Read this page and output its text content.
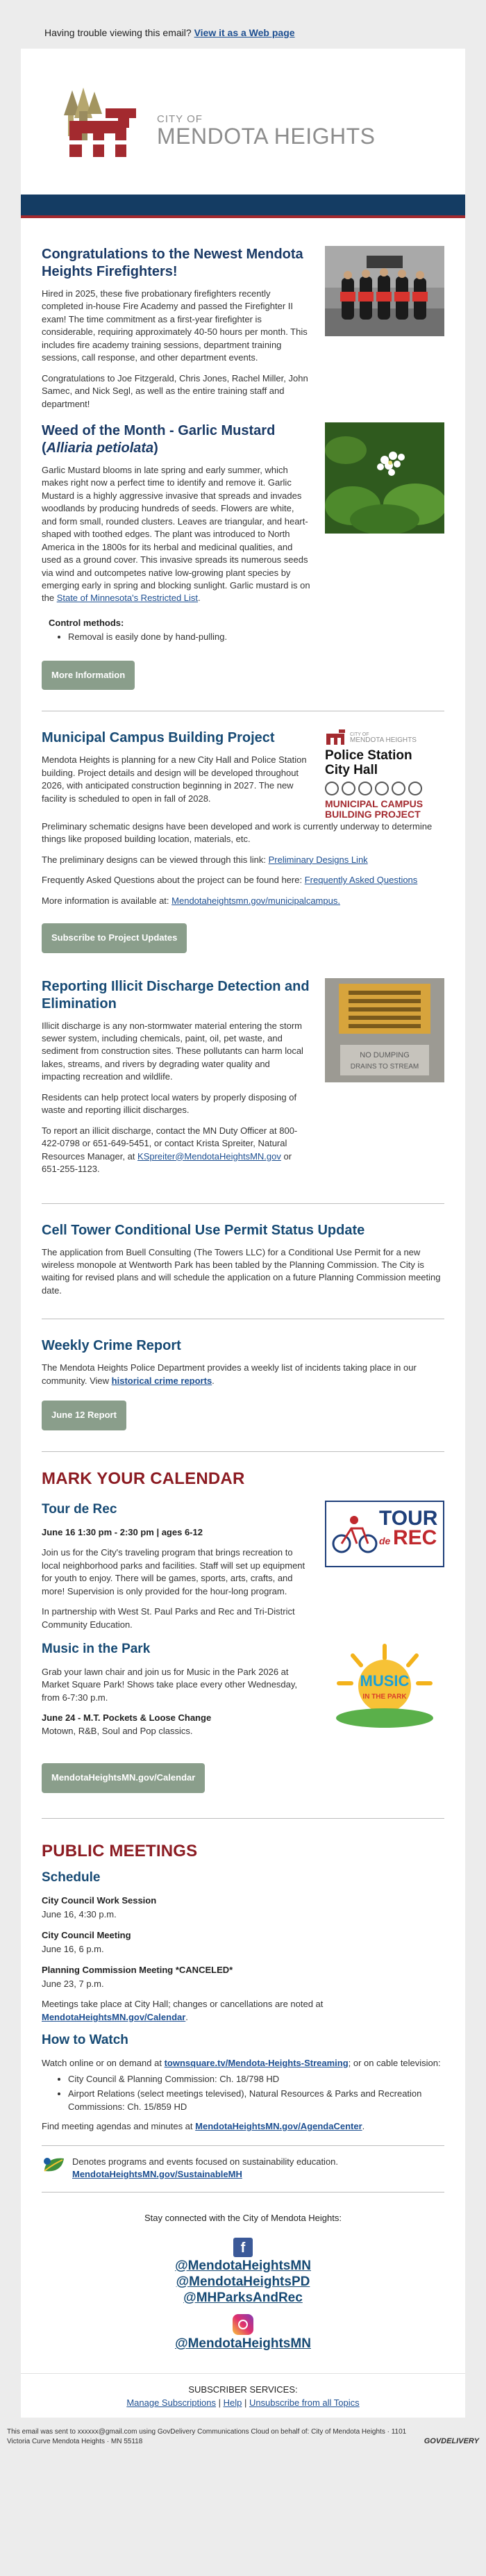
Having trouble viewing this email? View it as a Web page
CITY OF
MENDOTA HEIGHTS
Congratulations to the Newest Mendota Heights Firefighters!

Hired in 2025, these five probationary firefighters recently completed in-house Fire Academy and passed the Firefighter II exam! The time commitment as a first-year firefighter is considerable, requiring approximately 40-50 hours per month. This includes fire academy training sessions, department training sessions, call response, and other department events.

Congratulations to Joe Fitzgerald, Chris Jones, Rachel Miller, John Samec, and Nick Segl, as well as the entire training staff and department!

Weed of the Month - Garlic Mustard (Alliaria petiolata)

Garlic Mustard blooms in late spring and early summer, which makes right now a perfect time to identify and remove it. Garlic Mustard is a highly aggressive invasive that spreads and invades woodlands by producing hundreds of seeds. Flowers are white, and form small, rounded clusters. Leaves are triangular, and heart-shaped with toothed edges. The plant was introduced to North America in the 1800s for its herbal and medicinal qualities, and used as a ground cover. This invasive spreads its numerous seeds via wind and outcompetes native low-growing plant species by emerging early in spring and blocking sunlight. Garlic mustard is on the State of Minnesota's Restricted List.

Control methods:

• Removal is easily done by hand-pulling.
More Information
Municipal Campus Building Project

Mendota Heights is planning for a new City Hall and Police Station building. Project details and design will be developed throughout 2026, with anticipated construction beginning in 2027. The new facility is scheduled to open in fall of 2028.

CITY OF
MENDOTA HEIGHTS
Police Station
City Hall
MUNICIPAL CAMPUS
BUILDING PROJECT

Preliminary schematic designs have been developed and work is currently underway to determine things like proposed building location, materials, etc.

The preliminary designs can be viewed through this link: Preliminary Designs Link

Frequently Asked Questions about the project can be found here: Frequently Asked Questions

More information is available at: Mendotaheightsmn.gov/municipalcampus.

Subscribe to Project Updates
Reporting Illicit Discharge Detection and Elimination

Illicit discharge is any non-stormwater material entering the storm sewer system, including chemicals, paint, oil, pet waste, and sediment from construction sites. These pollutants can harm local lakes, streams, and rivers by degrading water quality and impacting recreation and wildlife.

Residents can help protect local waters by properly disposing of waste and reporting illicit discharges.

NO DUMPING
DRAINS TO STREAM

To report an illicit discharge, contact the MN Duty Officer at 800-422-0798 or 651-649-5451, or contact Krista Spreiter, Natural Resources Manager, at KSpreiter@MendotaHeightsMN.gov or 651-255-1123.

Cell Tower Conditional Use Permit Status Update

The application from Buell Consulting (The Towers LLC) for a Conditional Use Permit for a new wireless monopole at Wentworth Park has been tabled by the Planning Commission. The City is waiting for revised plans and will schedule the application on a future Planning Commission meeting date.

Weekly Crime Report

The Mendota Heights Police Department provides a weekly list of incidents taking place in our community. View historical crime reports.

June 12 Report
MARK YOUR CALENDAR
Tour de Rec

June 16 1:30 pm - 2:30 pm | ages 6-12

Join us for the City's traveling program that brings recreation to local neighborhood parks and facilities. Staff will set up equipment for youth to enjoy. There will be games, sports, arts, crafts, and more! Supervision is only provided for the hour-long program.

In partnership with West St. Paul Parks and Rec and Tri-District Community Education.

TOUR
de REC
Music in the Park

Grab your lawn chair and join us for Music in the Park 2026 at Market Square Park! Shows take place every other Wednesday, from 6-7:30 p.m.

June 24 - M.T. Pockets & Loose Change

Motown, R&B, Soul and Pop classics.

MUSIC
IN THE PARK
MendotaHeightsMN.gov/Calendar
PUBLIC MEETINGS
Schedule

City Council Work Session

June 16, 4:30 p.m.

City Council Meeting

June 16, 6 p.m.

Planning Commission Meeting *CANCELED*

June 23, 7 p.m.

Meetings take place at City Hall; changes or cancellations are noted at MendotaHeightsMN.gov/Calendar.

How to Watch

Watch online or on demand at townsquare.tv/Mendota-Heights-Streaming; or on cable television:

• City Council & Planning Commission: Ch. 18/798 HD
• Airport Relations (select meetings televised), Natural Resources & Parks and Recreation Commissions: Ch. 15/859 HD

Find meeting agendas and minutes at MendotaHeightsMN.gov/AgendaCenter.

Denotes programs and events focused on sustainability education.
MendotaHeightsMN.gov/SustainableMH

Stay connected with the City of Mendota Heights:

f
@MendotaHeightsMN
@MendotaHeightsPD
@MHParksAndRec
@MendotaHeightsMN

SUBSCRIBER SERVICES:

Manage Subscriptions | Help | Unsubscribe from all Topics

This email was sent to xxxxxx@gmail.com using GovDelivery Communications Cloud on behalf of: City of Mendota Heights · 1101
Victoria Curve Mendota Heights · MN 55118	GOVDELIVERY
